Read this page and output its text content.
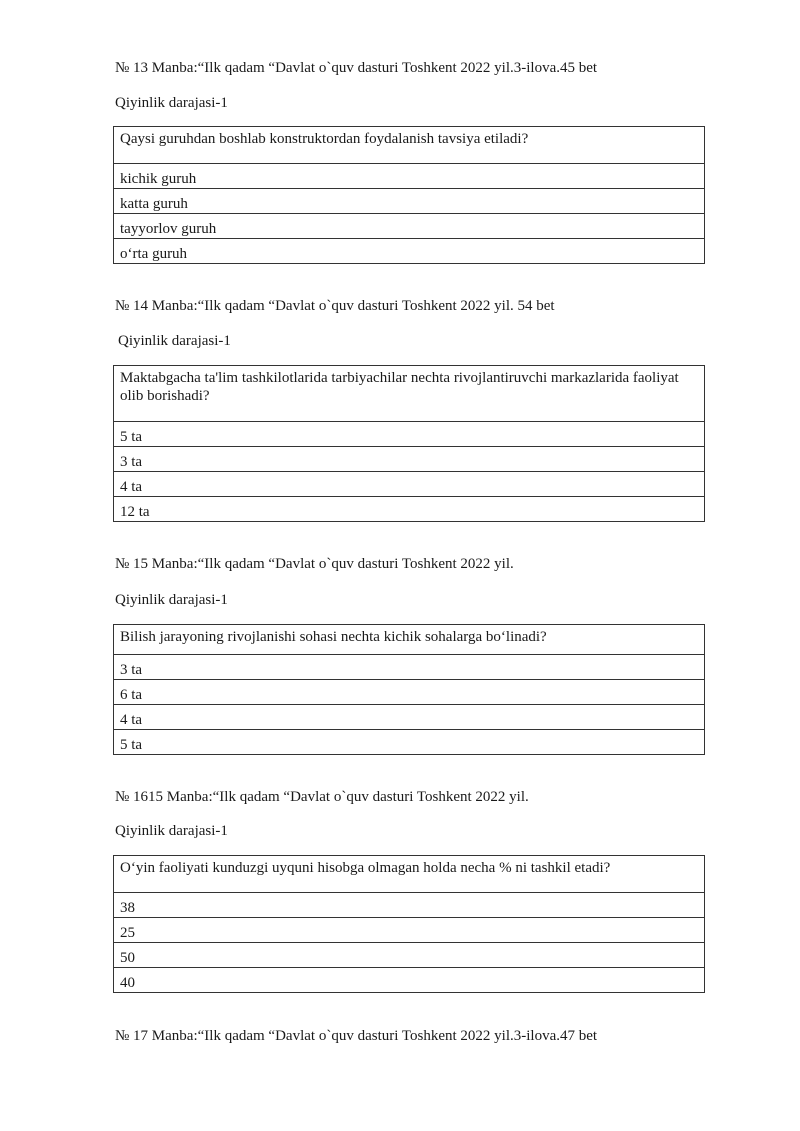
№ 13 Manba:“Ilk qadam “Davlat o`quv dasturi Toshkent 2022 yil.3-ilova.45 bet

Qiyinlik darajasi-1

Qaysi guruhdan boshlab konstruktordan foydalanish tavsiya etiladi?
kichik guruh
katta guruh
tayyorlov guruh
o‘rta guruh

№ 14 Manba:“Ilk qadam “Davlat o`quv dasturi Toshkent 2022 yil. 54 bet

Qiyinlik darajasi-1

Maktabgacha ta'lim tashkilotlarida tarbiyachilar nechta rivojlantiruvchi markazlarida faoliyat olib borishadi?
5 ta
3 ta
4 ta
12 ta

№ 15 Manba:“Ilk qadam “Davlat o`quv dasturi Toshkent 2022 yil.

Qiyinlik darajasi-1

Bilish jarayoning rivojlanishi sohasi nechta kichik sohalarga bo‘linadi?
3 ta
6 ta
4 ta
5 ta

№ 1615 Manba:“Ilk qadam “Davlat o`quv dasturi Toshkent 2022 yil.

Qiyinlik darajasi-1

O‘yin faoliyati kunduzgi uyquni hisobga olmagan holda necha % ni tashkil etadi?
38
25
50
40

№ 17 Manba:“Ilk qadam “Davlat o`quv dasturi Toshkent 2022 yil.3-ilova.47 bet
